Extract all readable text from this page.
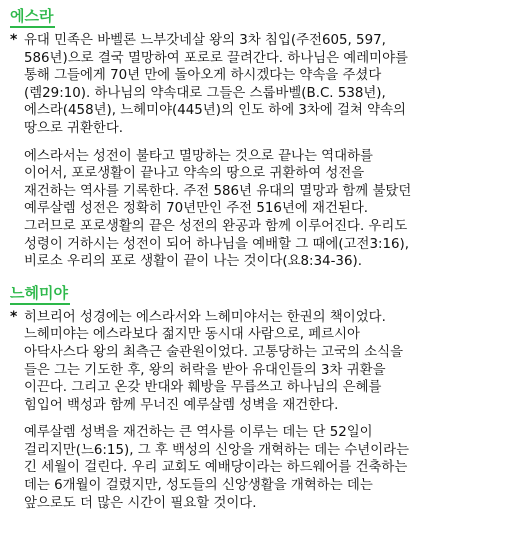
에스라
* 유대 민족은 바벨론 느부갓네살 왕의 3차 침입(주전605, 597,
586년)으로 결국 멸망하여 포로로 끌려간다. 하나님은 예레미야를
통해 그들에게 70년 만에 돌아오게 하시겠다는 약속을 주셨다
(렘29:10). 하나님의 약속대로 그들은 스룹바벨(B.C. 538년),
에스라(458년), 느헤미야(445년)의 인도 하에 3차에 걸쳐 약속의
땅으로 귀환한다.

에스라서는 성전이 불타고 멸망하는 것으로 끝나는 역대하를
이어서, 포로생활이 끝나고 약속의 땅으로 귀환하여 성전을
재건하는 역사를 기록한다. 주전 586년 유대의 멸망과 함께 불탔던
예루살렘 성전은 정확히 70년만인 주전 516년에 재건된다.
그러므로 포로생활의 끝은 성전의 완공과 함께 이루어진다. 우리도
성령이 거하시는 성전이 되어 하나님을 예배할 그 때에(고전3:16),
비로소 우리의 포로 생활이 끝이 나는 것이다(요8:34-36).

느헤미야
* 히브리어 성경에는 에스라서와 느헤미야서는 한권의 책이었다.
느헤미야는 에스라보다 젊지만 동시대 사람으로, 페르시아
아닥사스다 왕의 최측근 술관원이었다. 고통당하는 고국의 소식을
들은 그는 기도한 후, 왕의 허락을 받아 유대인들의 3차 귀환을
이끈다. 그리고 온갖 반대와 훼방을 무릅쓰고 하나님의 은혜를
힘입어 백성과 함께 무너진 예루살렘 성벽을 재건한다.

예루살렘 성벽을 재건하는 큰 역사를 이루는 데는 단 52일이
걸리지만(느6:15), 그 후 백성의 신앙을 개혁하는 데는 수년이라는
긴 세월이 걸린다. 우리 교회도 예배당이라는 하드웨어를 건축하는
데는 6개월이 걸렸지만, 성도들의 신앙생활을 개혁하는 데는
앞으로도 더 많은 시간이 필요할 것이다.
